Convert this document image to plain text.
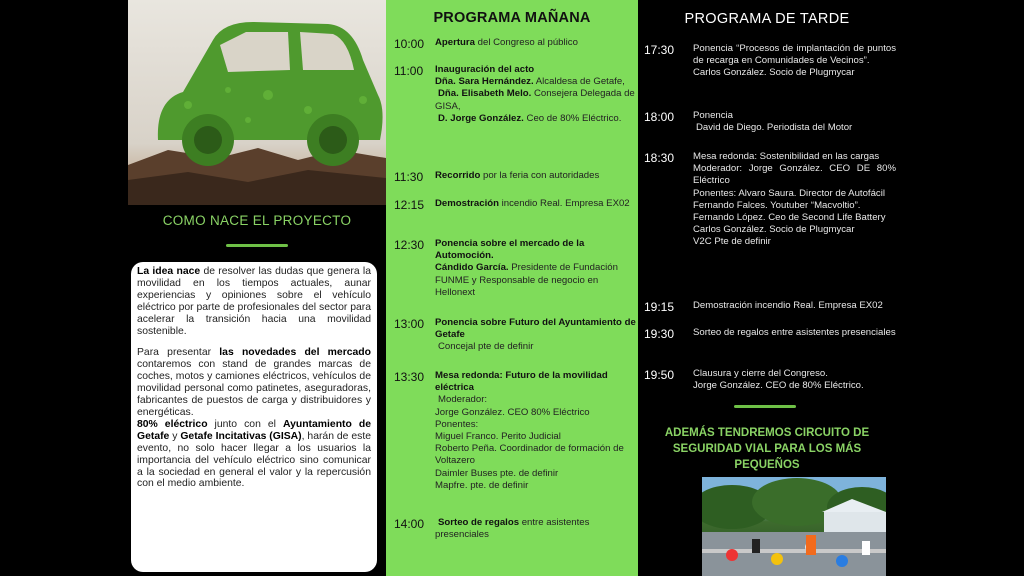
COMO NACE EL PROYECTO

La idea nace de resolver las dudas que genera la movilidad en los tiempos actuales, aunar experiencias y opiniones sobre el vehículo eléctrico por parte de profesionales del sector para acelerar la transición hacia una movilidad sostenible.

Para presentar las novedades del mercado contaremos con stand de grandes marcas de coches, motos y camiones eléctricos, vehículos de movilidad personal como patinetes, aseguradoras, fabricantes de puestos de carga y distribuidores y energéticas.

80% eléctrico junto con el Ayuntamiento de Getafe y Getafe Incitativas (GISA), harán de este evento, no solo hacer llegar a los usuarios la importancia del vehículo eléctrico sino comunicar a la sociedad en general el valor y la repercusión con el medio ambiente.

PROGRAMA MAÑANA
10:00 Apertura del Congreso al público
11:00 Inauguración del acto
Dña. Sara Hernández. Alcaldesa de Getafe,
Dña. Elisabeth Melo. Consejera Delegada de GISA,
D. Jorge González. Ceo de 80% Eléctrico.
11:30 Recorrido por la feria con autoridades
12:15 Demostración incendio Real. Empresa EX02
12:30 Ponencia sobre el mercado de la Automoción.
Cándido García. Presidente de Fundación FUNME y Responsable de negocio en Hellonext
13:00 Ponencia sobre Futuro del Ayuntamiento de Getafe
Concejal pte de definir
13:30 Mesa redonda: Futuro de la movilidad eléctrica
Moderador:
Jorge González. CEO 80% Eléctrico
Ponentes:
Miguel Franco. Perito Judicial
Roberto Peña. Coordinador de formación de Voltazero
Daimler Buses pte. de definir
Mapfre. pte. de definir
14:00	Sorteo de regalos entre asistentes presenciales
PROGRAMA DE TARDE
17:30 Ponencia “Procesos de implantación de puntos de recarga en Comunidades de Vecinos”.
Carlos González. Socio de Plugmycar
18:00 Ponencia
David de Diego. Periodista del Motor
18:30 Mesa redonda: Sostenibilidad en las cargas
Moderador: Jorge González. CEO DE 80% Eléctrico
Ponentes: Alvaro Saura. Director de Autofácil
Fernando Falces. Youtuber “Macvoltio”.
Fernando López. Ceo de Second Life Battery
Carlos González. Socio de Plugmycar
V2C Pte de definir
19:15 Demostración incendio Real. Empresa EX02
19:30 Sorteo de regalos entre asistentes presenciales
19:50 Clausura y cierre del Congreso.
Jorge González. CEO de 80% Eléctrico.
ADEMÁS TENDREMOS CIRCUITO DE SEGURIDAD VIAL PARA LOS MÁS PEQUEÑOS
